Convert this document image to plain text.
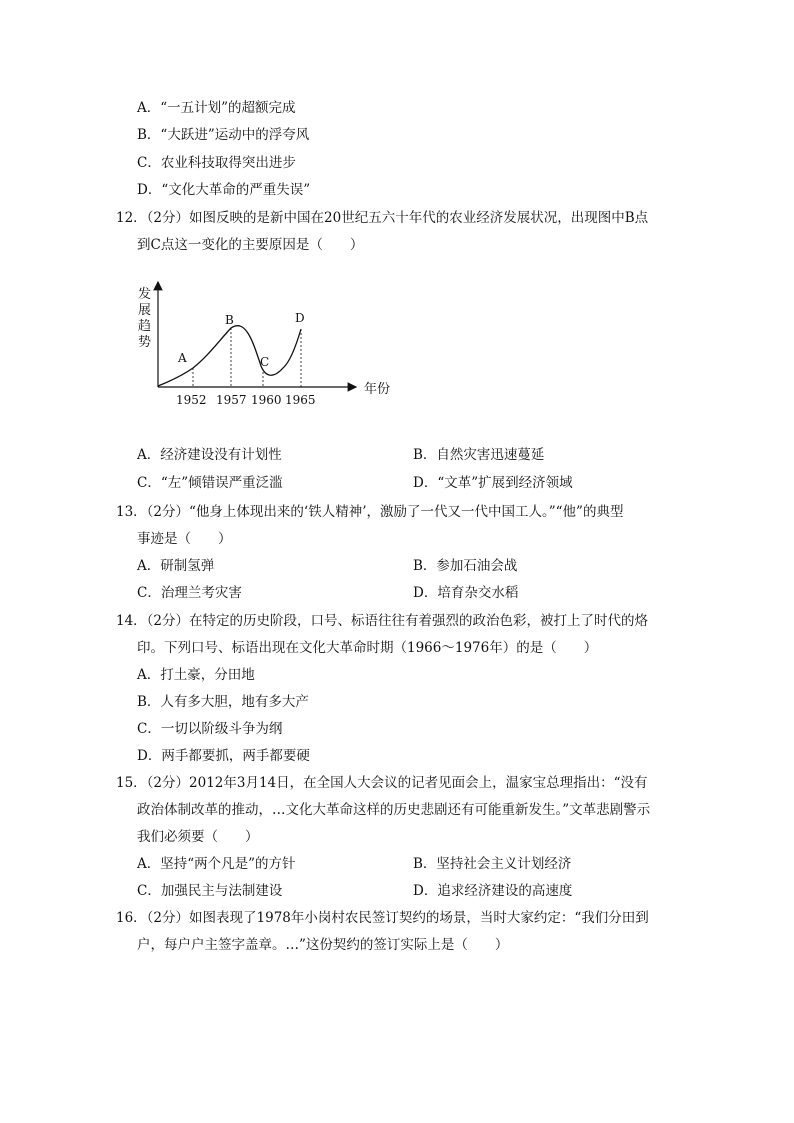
A．“一五计划”的超额完成
B．“大跃进”运动中的浮夸风
C．农业科技取得突出进步
D．“文化大革命的严重失误”
12．（2分）如图反映的是新中国在20世纪五六十年代的农业经济发展状况，出现图中B点
到C点这一变化的主要原因是（　　）
发
展
趋
势
年份
A
B
C
D
1952 1957 1960 1965
A．经济建设没有计划性	B．自然灾害迅速蔓延
C．“左”倾错误严重泛滥	D．“文革”扩展到经济领域
13．（2分）“他身上体现出来的‘铁人精神’，激励了一代又一代中国工人。”“他”的典型
事迹是（　　）
A．研制氢弹	B．参加石油会战
C．治理兰考灾害	D．培育杂交水稻
14．（2分）在特定的历史阶段，口号、标语往往有着强烈的政治色彩，被打上了时代的烙
印。下列口号、标语出现在文化大革命时期（1966～1976年）的是（　　）
A．打土豪，分田地
B．人有多大胆，地有多大产
C．一切以阶级斗争为纲
D．两手都要抓，两手都要硬
15．（2分）2012年3月14日，在全国人大会议的记者见面会上，温家宝总理指出：“没有
政治体制改革的推动，…文化大革命这样的历史悲剧还有可能重新发生。”文革悲剧警示
我们必须要（　　）
A．坚持“两个凡是”的方针	B．坚持社会主义计划经济
C．加强民主与法制建设	D．追求经济建设的高速度
16．（2分）如图表现了1978年小岗村农民签订契约的场景，当时大家约定：“我们分田到
户，每户户主签字盖章。…”这份契约的签订实际上是（　　）
